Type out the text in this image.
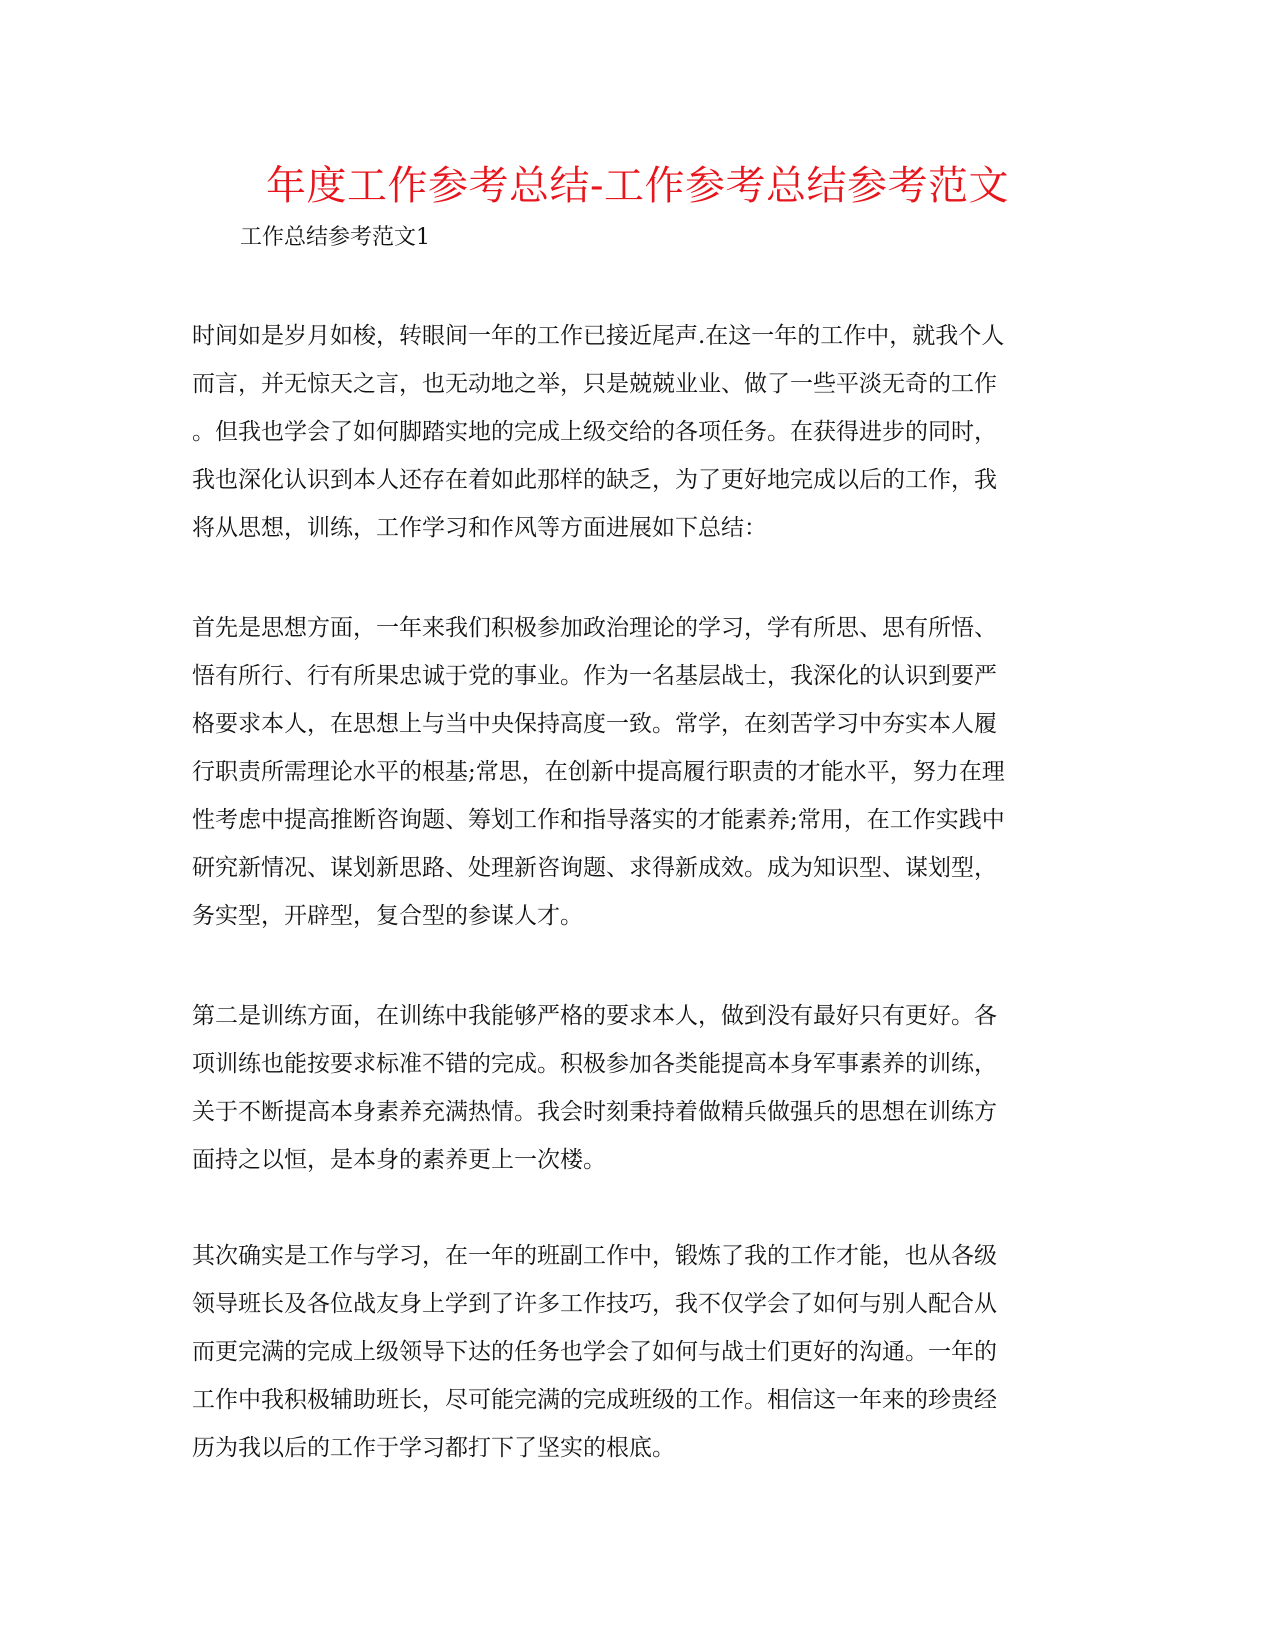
年度工作参考总结-工作参考总结参考范文
工作总结参考范文1
时间如是岁月如梭，转眼间一年的工作已接近尾声.在这一年的工作中，就我个人
而言，并无惊天之言，也无动地之举，只是兢兢业业、做了一些平淡无奇的工作
。但我也学会了如何脚踏实地的完成上级交给的各项任务。在获得进步的同时，
我也深化认识到本人还存在着如此那样的缺乏，为了更好地完成以后的工作，我
将从思想，训练，工作学习和作风等方面进展如下总结：
首先是思想方面，一年来我们积极参加政治理论的学习，学有所思、思有所悟、
悟有所行、行有所果忠诚于党的事业。作为一名基层战士，我深化的认识到要严
格要求本人，在思想上与当中央保持高度一致。常学，在刻苦学习中夯实本人履
行职责所需理论水平的根基;常思，在创新中提高履行职责的才能水平，努力在理
性考虑中提高推断咨询题、筹划工作和指导落实的才能素养;常用，在工作实践中
研究新情况、谋划新思路、处理新咨询题、求得新成效。成为知识型、谋划型，
务实型，开辟型，复合型的参谋人才。
第二是训练方面，在训练中我能够严格的要求本人，做到没有最好只有更好。各
项训练也能按要求标准不错的完成。积极参加各类能提高本身军事素养的训练，
关于不断提高本身素养充满热情。我会时刻秉持着做精兵做强兵的思想在训练方
面持之以恒，是本身的素养更上一次楼。
其次确实是工作与学习，在一年的班副工作中，锻炼了我的工作才能，也从各级
领导班长及各位战友身上学到了许多工作技巧，我不仅学会了如何与别人配合从
而更完满的完成上级领导下达的任务也学会了如何与战士们更好的沟通。一年的
工作中我积极辅助班长，尽可能完满的完成班级的工作。相信这一年来的珍贵经
历为我以后的工作于学习都打下了坚实的根底。
